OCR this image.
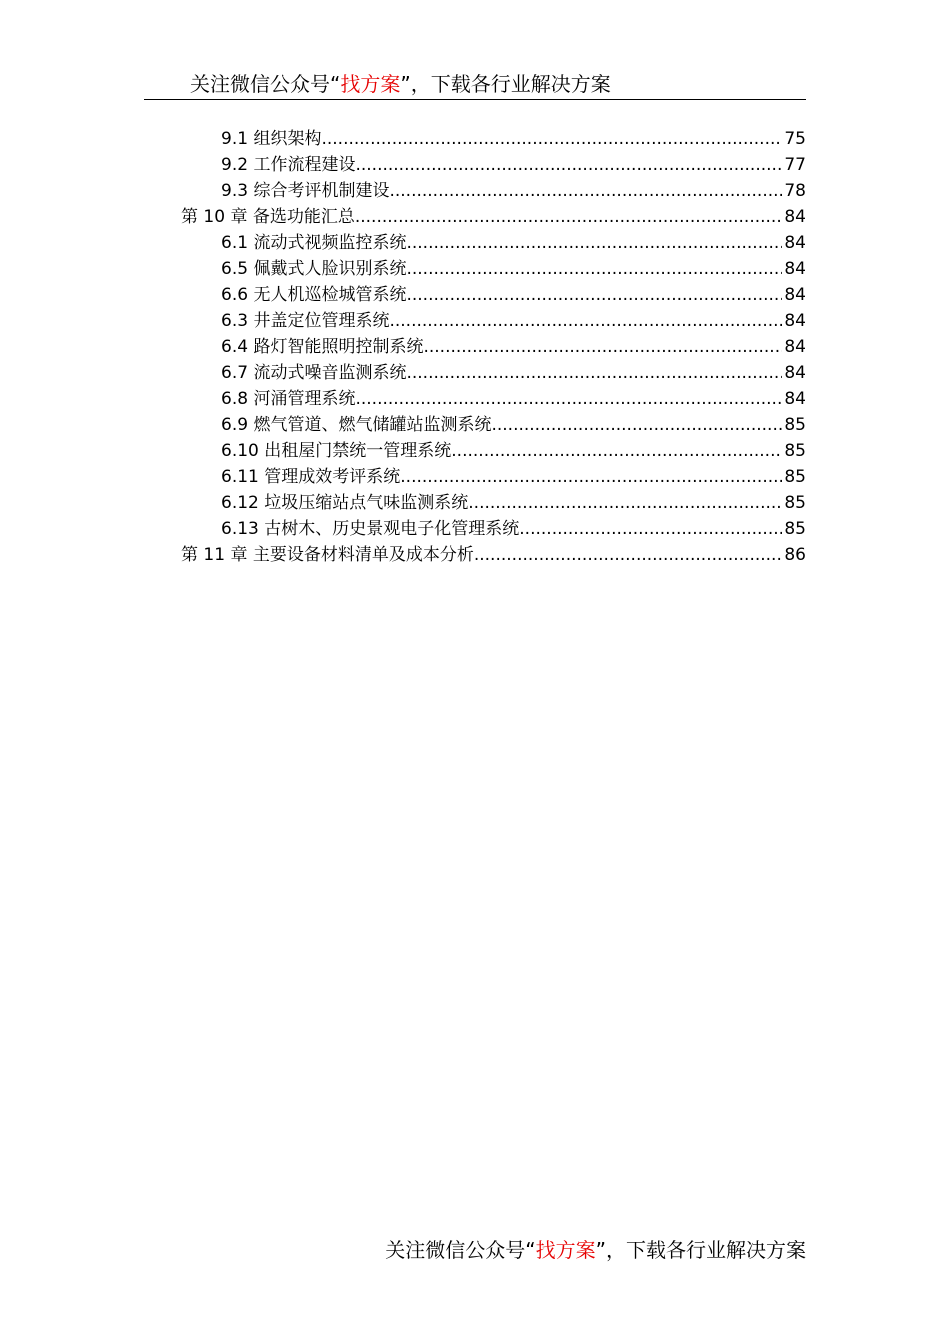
关注微信公众号“找方案”，下载各行业解决方案
9.1 组织架构 .....	75
9.2 工作流程建设 .....	77
9.3 综合考评机制建设 .....	78
第 10 章 备选功能汇总 .....	84
6.1 流动式视频监控系统 .....	84
6.5 佩戴式人脸识别系统 .....	84
6.6 无人机巡检城管系统 .....	84
6.3 井盖定位管理系统 .....	84
6.4 路灯智能照明控制系统 .....	84
6.7 流动式噪音监测系统 .....	84
6.8 河涌管理系统 .....	84
6.9 燃气管道、燃气储罐站监测系统 .....	85
6.10 出租屋门禁统一管理系统 .....	85
6.11 管理成效考评系统 .....	85
6.12 垃圾压缩站点气味监测系统 .....	85
6.13 古树木、历史景观电子化管理系统 .....	85
第 11 章 主要设备材料清单及成本分析 .....	86
关注微信公众号“找方案”，下载各行业解决方案
